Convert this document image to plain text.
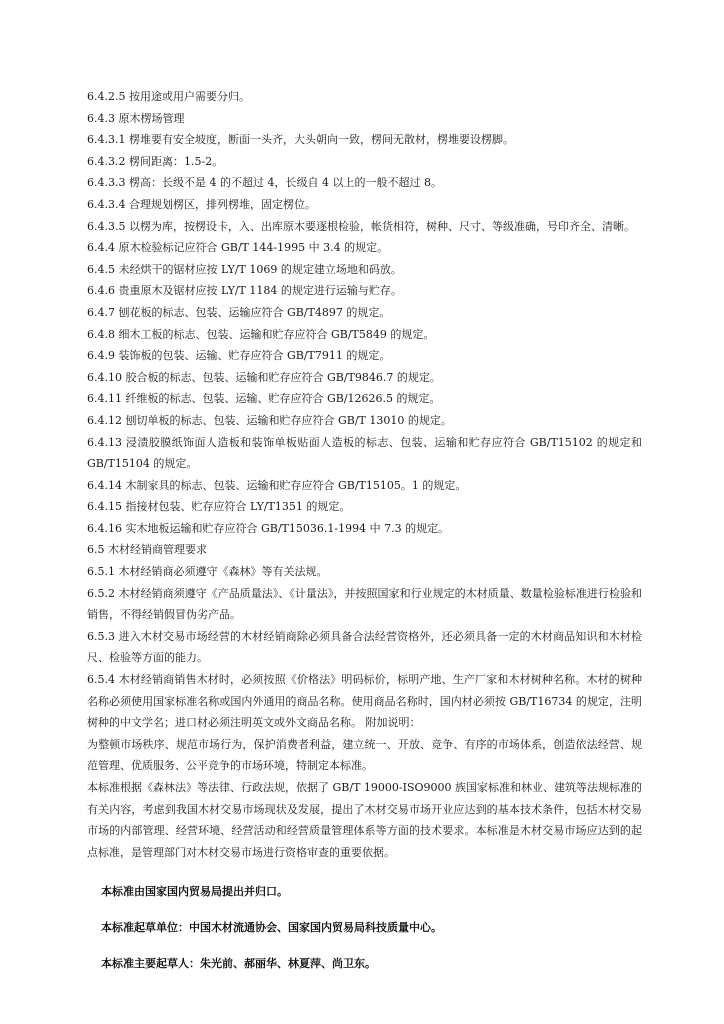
6.4.2.5 按用途或用户需要分归。

6.4.3 原木楞场管理

6.4.3.1 楞堆要有安全坡度，断面一头齐，大头朝向一致，楞间无散材，楞堆要设楞脚。

6.4.3.2 楞间距离：1.5-2。

6.4.3.3 楞高：长级不是 4 的不超过 4，长级自 4 以上的一般不超过 8。

6.4.3.4 合理规划楞区，排列楞堆，固定楞位。

6.4.3.5 以楞为库，按楞设卡，入、出库原木要逐根检验，帐货相符，树种、尺寸、等级准确，号印齐全、清晰。

6.4.4 原木检验标记应符合 GB/T 144-1995 中 3.4 的规定。

6.4.5 未经烘干的锯材应按 LY/T 1069 的规定建立场地和码放。

6.4.6 贵重原木及锯材应按 LY/T 1184 的规定进行运输与贮存。

6.4.7 刨花板的标志、包装、运输应符合 GB/T4897 的规定。

6.4.8 细木工板的标志、包装、运输和贮存应符合 GB/T5849 的规定。

6.4.9 装饰板的包装、运输、贮存应符合 GB/T7911 的规定。

6.4.10 胶合板的标志、包装、运输和贮存应符合 GB/T9846.7 的规定。

6.4.11 纤维板的标志、包装、运输、贮存应符合 GB/12626.5 的规定。

6.4.12 刨切单板的标志、包装、运输和贮存应符合 GB/T 13010 的规定。

6.4.13 浸渍胶膜纸饰面人造板和装饰单板贴面人造板的标志、包装、运输和贮存应符合 GB/T15102 的规定和 GB/T15104 的规定。

6.4.14 木制家具的标志、包装、运输和贮存应符合 GB/T15105。1 的规定。

6.4.15 指接材包装、贮存应符合 LY/T1351 的规定。

6.4.16 实木地板运输和贮存应符合 GB/T15036.1-1994 中 7.3 的规定。

6.5 木材经销商管理要求

6.5.1 木材经销商必须遵守《森林》等有关法规。

6.5.2 木材经销商须遵守《产品质量法》、《计量法》，并按照国家和行业规定的木材质量、数量检验标准进行检验和销售，不得经销假冒伪劣产品。

6.5.3 进入木材交易市场经营的木材经销商除必须具备合法经营资格外，还必须具备一定的木材商品知识和木材检尺、检验等方面的能力。

6.5.4 木材经销商销售木材时，必须按照《价格法》明码标价，标明产地、生产厂家和木材树种名称。木材的树种名称必须使用国家标准名称或国内外通用的商品名称。使用商品名称时，国内材必须按 GB/T16734 的规定，注明树种的中文学名；进口材必须注明英文或外文商品名称。 附加说明：

为整顿市场秩序、规范市场行为，保护消费者利益，建立统一、开放、竞争、有序的市场体系，创造依法经营、规范管理、优质服务、公平竞争的市场环境，特制定本标准。

本标准根据《森林法》等法律、行政法规，依据了 GB/T 19000-ISO9000 族国家标准和林业、建筑等法规标准的有关内容，考虑到我国木材交易市场现状及发展，提出了木材交易市场开业应达到的基本技术条件，包括木材交易市场的内部管理、经营环境、经营活动和经营质量管理体系等方面的技术要求。本标准是木材交易市场应达到的起点标准，是管理部门对木材交易市场进行资格审查的重要依据。

本标准由国家国内贸易局提出并归口。

本标准起草单位：中国木材流通协会、国家国内贸易局科技质量中心。

本标准主要起草人：朱光前、郝丽华、林夏萍、尚卫东。
